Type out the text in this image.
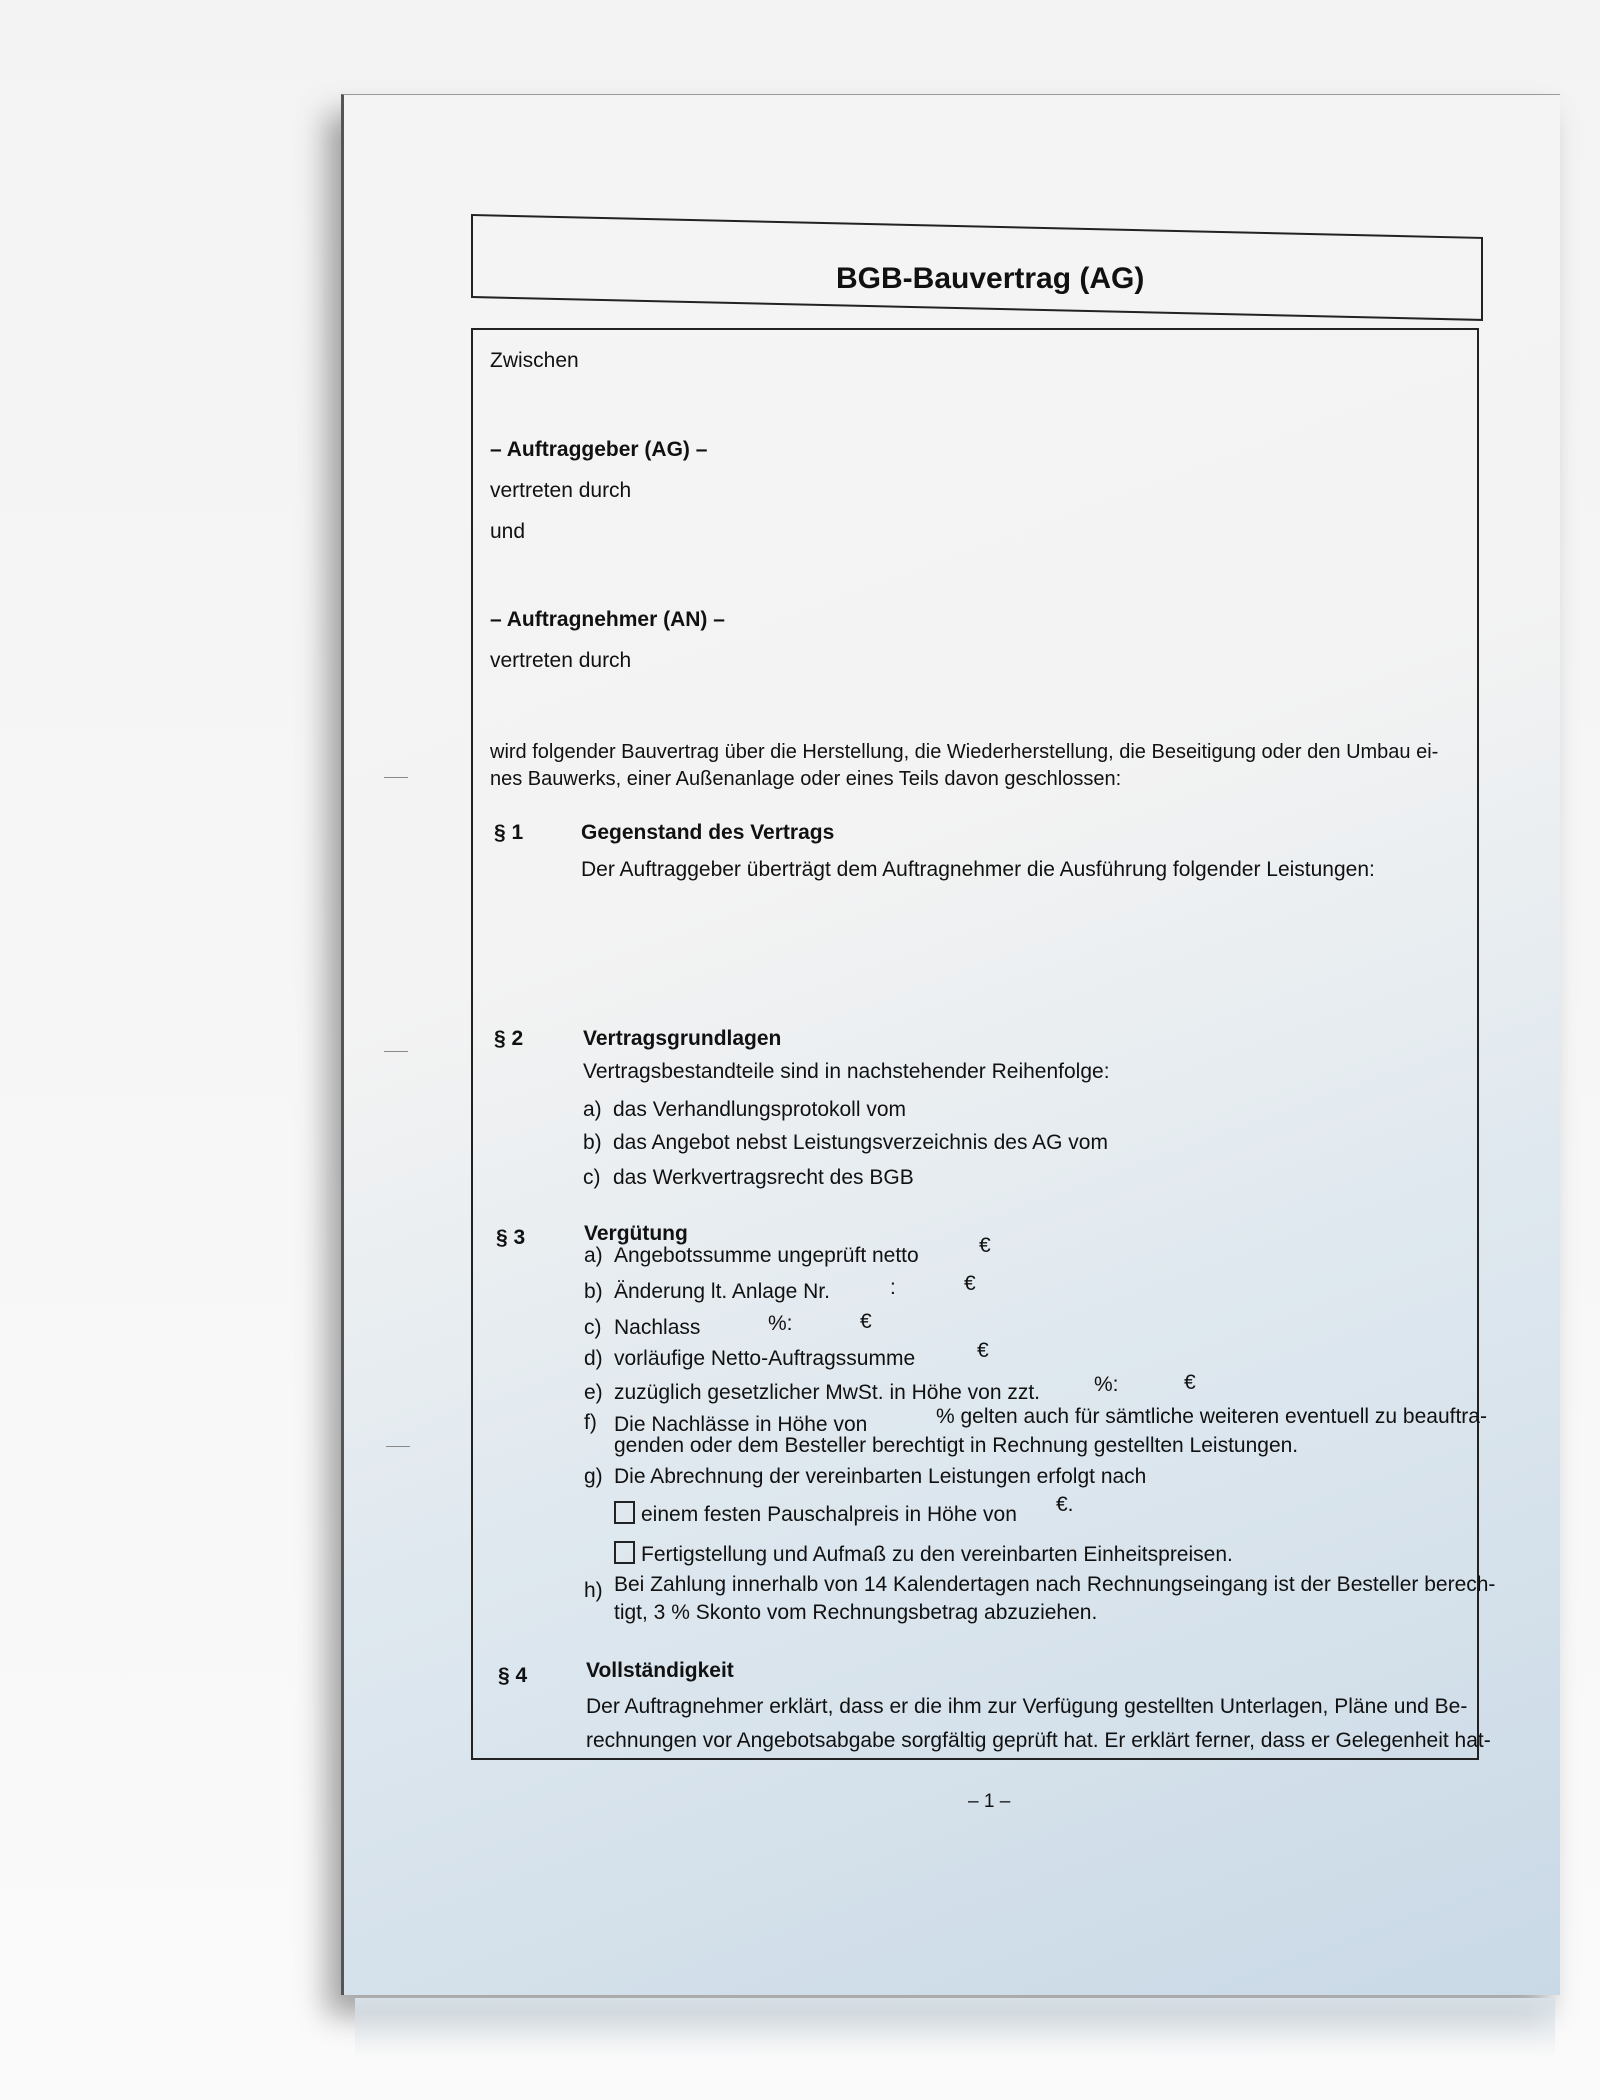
BGB-Bauvertrag (AG)
Zwischen
– Auftraggeber (AG) –
vertreten durch
und
– Auftragnehmer (AN) –
vertreten durch
wird folgender Bauvertrag über die Herstellung, die Wiederherstellung, die Beseitigung oder den Umbau ei-
nes Bauwerks, einer Außenanlage oder eines Teils davon geschlossen:
§ 1	Gegenstand des Vertrags
Der Auftraggeber überträgt dem Auftragnehmer die Ausführung folgender Leistungen:
§ 2	Vertragsgrundlagen
Vertragsbestandteile sind in nachstehender Reihenfolge:
a) das Verhandlungsprotokoll vom
b) das Angebot nebst Leistungsverzeichnis des AG vom
c) das Werkvertragsrecht des BGB
§ 3	Vergütung
a) Angebotssumme ungeprüft netto	€
b) Änderung lt. Anlage Nr.	:	€
c) Nachlass	%:	€
d) vorläufige Netto-Auftragssumme	€
e) zuzüglich gesetzlicher MwSt. in Höhe von zzt.	%:	€
f) Die Nachlässe in Höhe von	% gelten auch für sämtliche weiteren eventuell zu beauftra-
genden oder dem Besteller berechtigt in Rechnung gestellten Leistungen.
g) Die Abrechnung der vereinbarten Leistungen erfolgt nach
einem festen Pauschalpreis in Höhe von €.
Fertigstellung und Aufmaß zu den vereinbarten Einheitspreisen.
h) Bei Zahlung innerhalb von 14 Kalendertagen nach Rechnungseingang ist der Besteller berech-
tigt, 3 % Skonto vom Rechnungsbetrag abzuziehen.
§ 4	Vollständigkeit
Der Auftragnehmer erklärt, dass er die ihm zur Verfügung gestellten Unterlagen, Pläne und Be-
rechnungen vor Angebotsabgabe sorgfältig geprüft hat. Er erklärt ferner, dass er Gelegenheit hat-
– 1 –
